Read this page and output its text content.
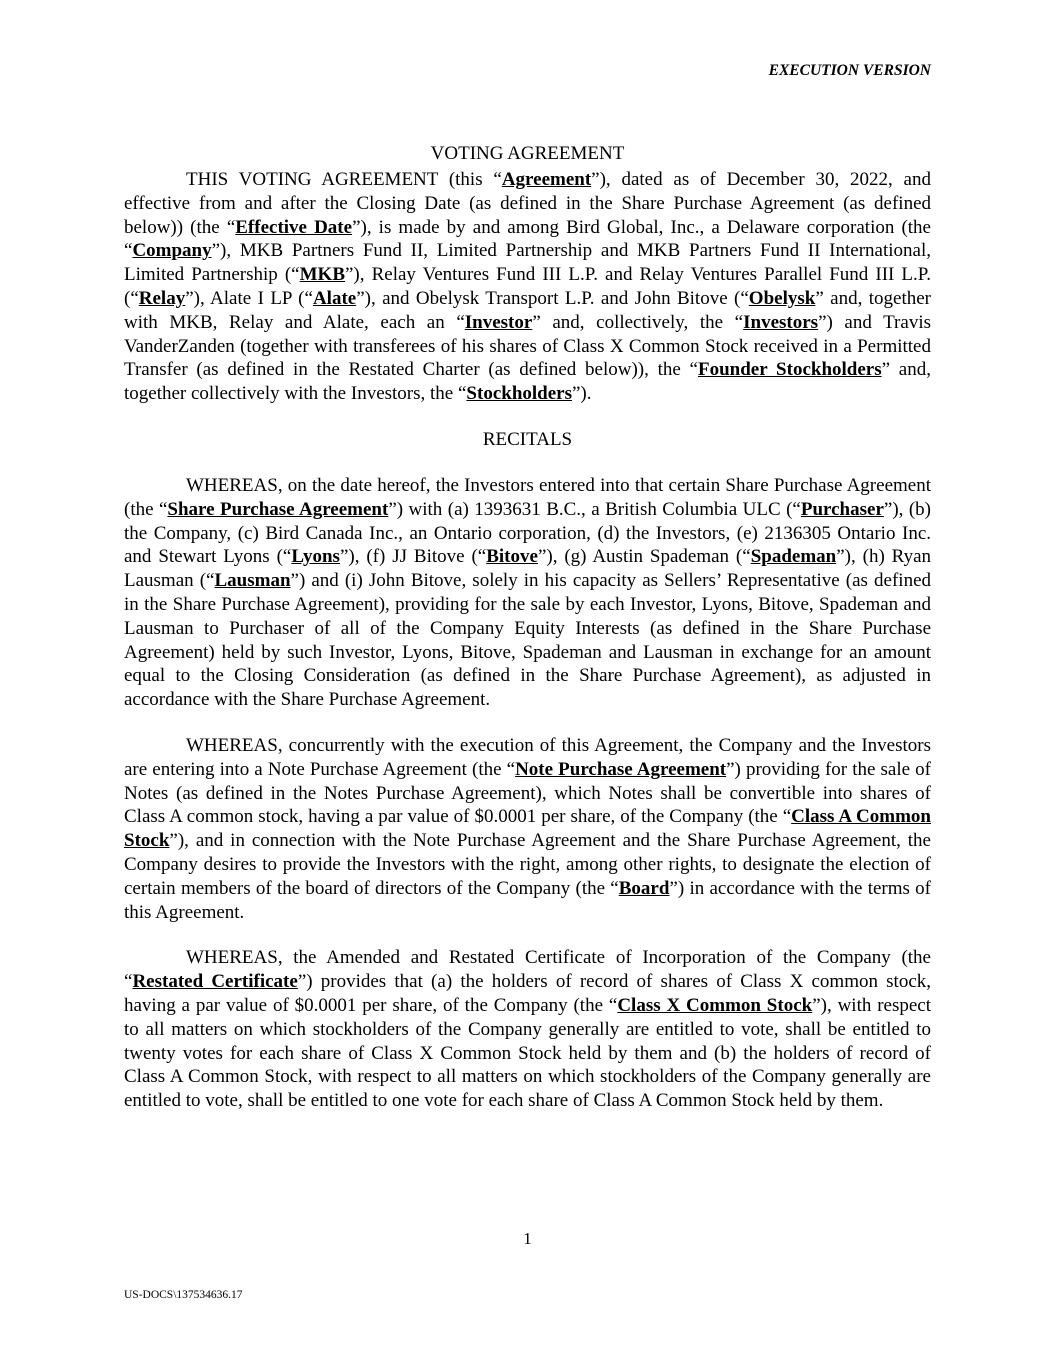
EXECUTION VERSION
VOTING AGREEMENT

THIS VOTING AGREEMENT (this “Agreement”), dated as of December 30, 2022, and effective from and after the Closing Date (as defined in the Share Purchase Agreement (as defined below)) (the “Effective Date”), is made by and among Bird Global, Inc., a Delaware corporation (the “Company”), MKB Partners Fund II, Limited Partnership and MKB Partners Fund II International, Limited Partnership (“MKB”), Relay Ventures Fund III L.P. and Relay Ventures Parallel Fund III L.P. (“Relay”), Alate I LP (“Alate”), and Obelysk Transport L.P. and John Bitove (“Obelysk” and, together with MKB, Relay and Alate, each an “Investor” and, collectively, the “Investors”) and Travis VanderZanden (together with transferees of his shares of Class X Common Stock received in a Permitted Transfer (as defined in the Restated Charter (as defined below)), the “Founder Stockholders” and, together collectively with the Investors, the “Stockholders”).

RECITALS

WHEREAS, on the date hereof, the Investors entered into that certain Share Purchase Agreement (the “Share Purchase Agreement”) with (a) 1393631 B.C., a British Columbia ULC (“Purchaser”), (b) the Company, (c) Bird Canada Inc., an Ontario corporation, (d) the Investors, (e) 2136305 Ontario Inc. and Stewart Lyons (“Lyons”), (f) JJ Bitove (“Bitove”), (g) Austin Spademan (“Spademan”), (h) Ryan Lausman (“Lausman”) and (i) John Bitove, solely in his capacity as Sellers’ Representative (as defined in the Share Purchase Agreement), providing for the sale by each Investor, Lyons, Bitove, Spademan and Lausman to Purchaser of all of the Company Equity Interests (as defined in the Share Purchase Agreement) held by such Investor, Lyons, Bitove, Spademan and Lausman in exchange for an amount equal to the Closing Consideration (as defined in the Share Purchase Agreement), as adjusted in accordance with the Share Purchase Agreement.

WHEREAS, concurrently with the execution of this Agreement, the Company and the Investors are entering into a Note Purchase Agreement (the “Note Purchase Agreement”) providing for the sale of Notes (as defined in the Notes Purchase Agreement), which Notes shall be convertible into shares of Class A common stock, having a par value of $0.0001 per share, of the Company (the “Class A Common Stock”), and in connection with the Note Purchase Agreement and the Share Purchase Agreement, the Company desires to provide the Investors with the right, among other rights, to designate the election of certain members of the board of directors of the Company (the “Board”) in accordance with the terms of this Agreement.

WHEREAS, the Amended and Restated Certificate of Incorporation of the Company (the “Restated Certificate”) provides that (a) the holders of record of shares of Class X common stock, having a par value of $0.0001 per share, of the Company (the “Class X Common Stock”), with respect to all matters on which stockholders of the Company generally are entitled to vote, shall be entitled to twenty votes for each share of Class X Common Stock held by them and (b) the holders of record of Class A Common Stock, with respect to all matters on which stockholders of the Company generally are entitled to vote, shall be entitled to one vote for each share of Class A Common Stock held by them.

1
US-DOCS\137534636.17
